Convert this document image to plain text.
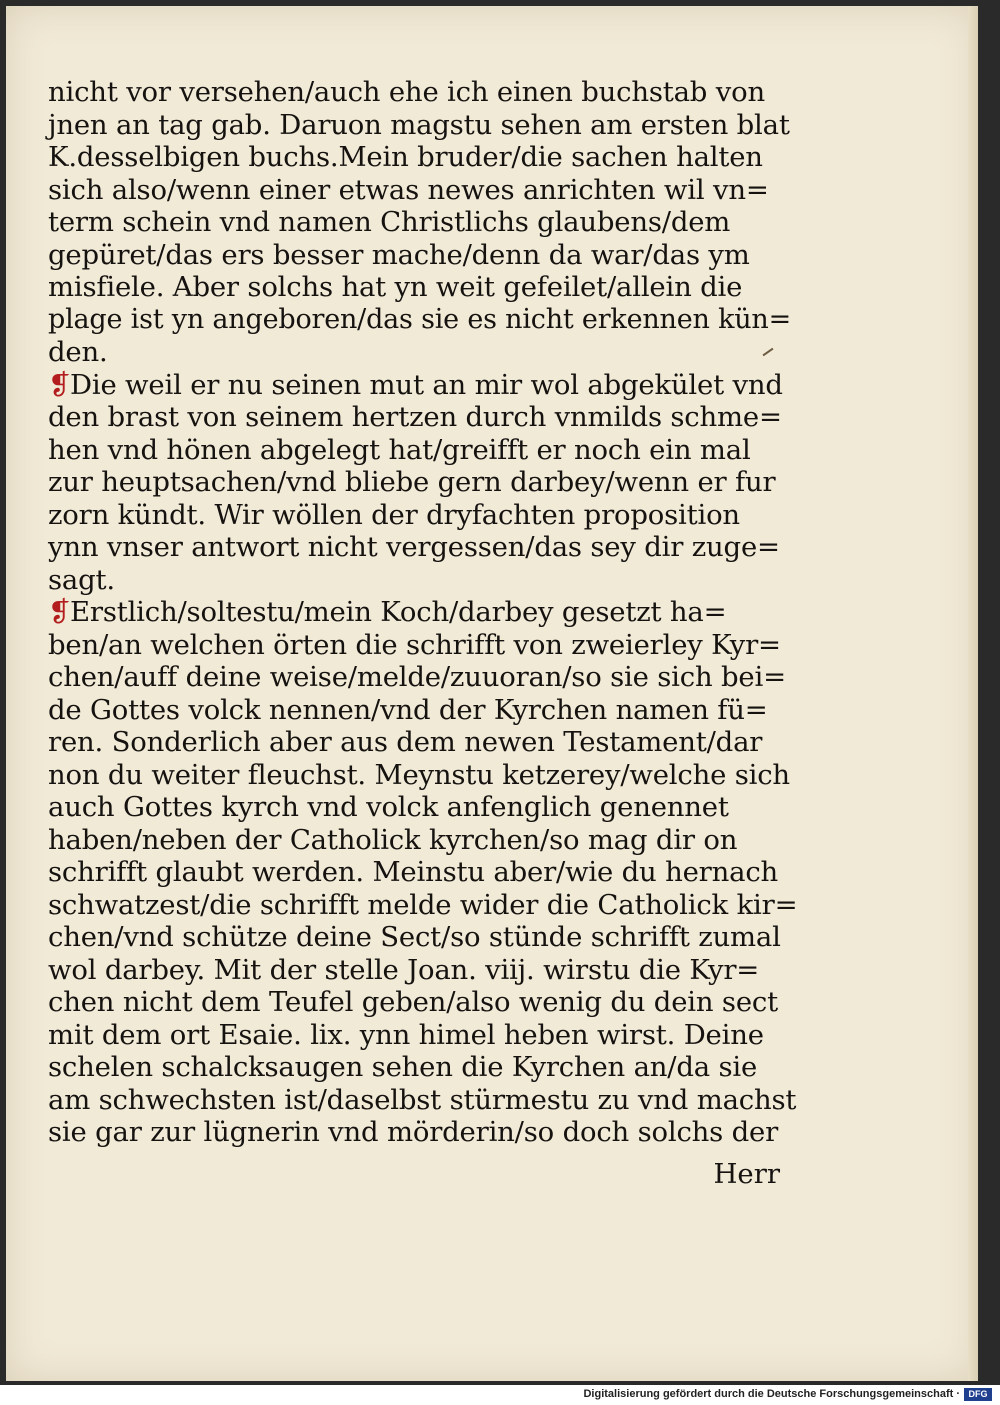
nicht vor versehen/auch ehe ich einen buchstab von
jnen an tag gab. Daruon magstu sehen am ersten blat
K.desselbigen buchs.Mein bruder/die sachen halten
sich also/wenn einer etwas newes anrichten wil vn=
term schein vnd namen Christlichs glaubens/dem
gepüret/das ers besser mache/denn da war/das ym
misfiele. Aber solchs hat yn weit gefeilet/allein die
plage ist yn angeboren/das sie es nicht erkennen kün=
den.
❡Die weil er nu seinen mut an mir wol abgekület vnd
den brast von seinem hertzen durch vnmilds schme=
hen vnd hönen abgelegt hat/greifft er noch ein mal
zur heuptsachen/vnd bliebe gern darbey/wenn er fur
zorn kündt. Wir wöllen der dryfachten proposition
ynn vnser antwort nicht vergessen/das sey dir zuge=
sagt.
❡Erstlich/soltestu/mein Koch/darbey gesetzt ha=
ben/an welchen örten die schrifft von zweierley Kyr=
chen/auff deine weise/melde/zuuoran/so sie sich bei=
de Gottes volck nennen/vnd der Kyrchen namen fü=
ren. Sonderlich aber aus dem newen Testament/dar
non du weiter fleuchst. Meynstu ketzerey/welche sich
auch Gottes kyrch vnd volck anfenglich genennet
haben/neben der Catholick kyrchen/so mag dir on
schrifft glaubt werden. Meinstu aber/wie du hernach
schwatzest/die schrifft melde wider die Catholick kir=
chen/vnd schütze deine Sect/so stünde schrifft zumal
wol darbey. Mit der stelle Joan. viij. wirstu die Kyr=
chen nicht dem Teufel geben/also wenig du dein sect
mit dem ort Esaie. lix. ynn himel heben wirst. Deine
schelen schalcksaugen sehen die Kyrchen an/da sie
am schwechsten ist/daselbst stürmestu zu vnd machst
sie gar zur lügnerin vnd mörderin/so doch solchs der
Herr
Digitalisierung gefördert durch die Deutsche Forschungsgemeinschaft · DFG
